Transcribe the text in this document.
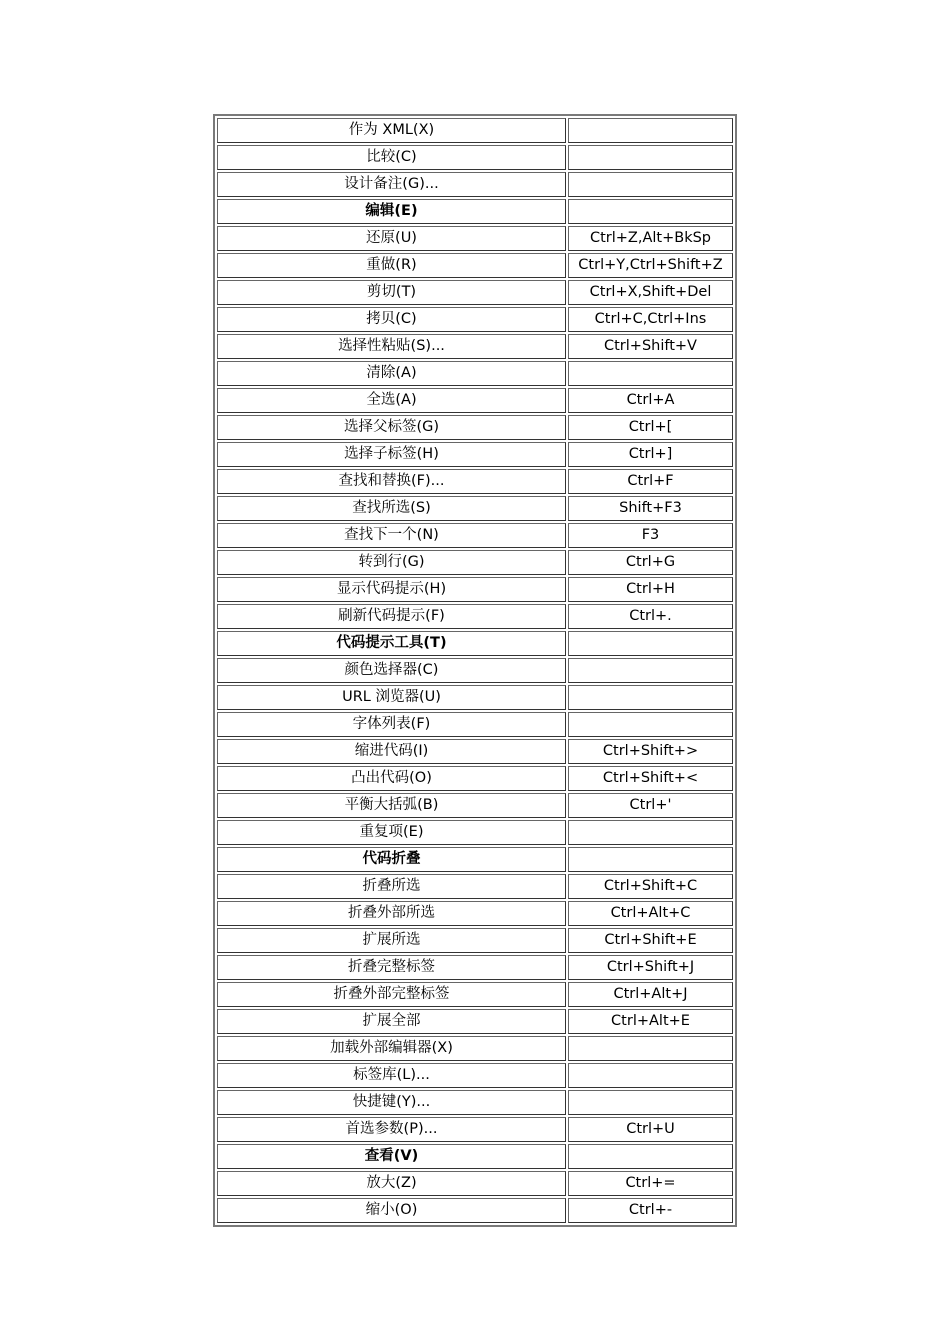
作为 XML(X)	
比较(C)	
设计备注(G)...	
编辑(E)	
还原(U)	Ctrl+Z,Alt+BkSp
重做(R)	Ctrl+Y,Ctrl+Shift+Z
剪切(T)	Ctrl+X,Shift+Del
拷贝(C)	Ctrl+C,Ctrl+Ins
选择性粘贴(S)...	Ctrl+Shift+V
清除(A)	
全选(A)	Ctrl+A
选择父标签(G)	Ctrl+[
选择子标签(H)	Ctrl+]
查找和替换(F)...	Ctrl+F
查找所选(S)	Shift+F3
查找下一个(N)	F3
转到行(G)	Ctrl+G
显示代码提示(H)	Ctrl+H
刷新代码提示(F)	Ctrl+.
代码提示工具(T)	
颜色选择器(C)	
URL 浏览器(U)	
字体列表(F)	
缩进代码(I)	Ctrl+Shift+>
凸出代码(O)	Ctrl+Shift+<
平衡大括弧(B)	Ctrl+'
重复项(E)	
代码折叠	
折叠所选	Ctrl+Shift+C
折叠外部所选	Ctrl+Alt+C
扩展所选	Ctrl+Shift+E
折叠完整标签	Ctrl+Shift+J
折叠外部完整标签	Ctrl+Alt+J
扩展全部	Ctrl+Alt+E
加载外部编辑器(X)	
标签库(L)...	
快捷键(Y)...	
首选参数(P)...	Ctrl+U
查看(V)	
放大(Z)	Ctrl+=
缩小(O)	Ctrl+-
